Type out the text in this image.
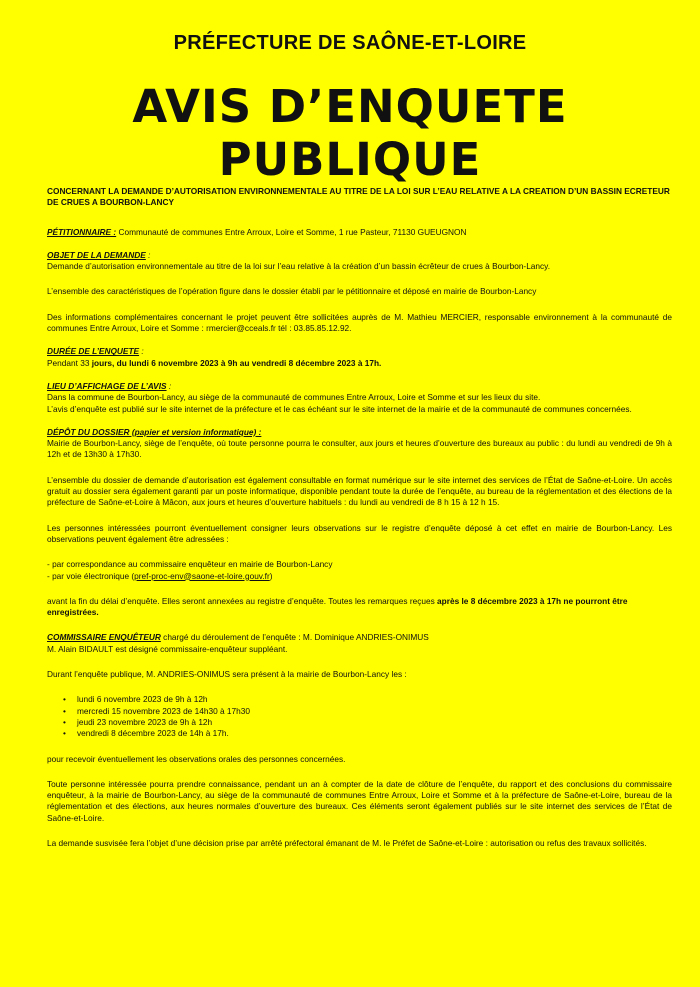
PRÉFECTURE DE SAÔNE-ET-LOIRE
AVIS D’ENQUETE PUBLIQUE

CONCERNANT LA DEMANDE D’AUTORISATION ENVIRONNEMENTALE AU TITRE DE LA LOI SUR L’EAU RELATIVE A LA CREATION D’UN BASSIN ECRETEUR DE CRUES A BOURBON-LANCY

PÉTITIONNAIRE : Communauté de communes Entre Arroux, Loire et Somme, 1 rue Pasteur, 71130 GUEUGNON

OBJET DE LA DEMANDE :

Demande d’autorisation environnementale au titre de la loi sur l’eau relative à la création d’un bassin écrêteur de crues à Bourbon-Lancy.

L’ensemble des caractéristiques de l’opération figure dans le dossier établi par le pétitionnaire et déposé en mairie de Bourbon-Lancy

Des informations complémentaires concernant le projet peuvent être sollicitées auprès de M. Mathieu MERCIER, responsable environnement à la communauté de communes Entre Arroux, Loire et Somme : rmercier@cceals.fr tél : 03.85.85.12.92.

DURÉE DE L’ENQUETE :

Pendant 33 jours, du lundi 6 novembre 2023 à 9h au vendredi 8 décembre 2023 à 17h.

LIEU D’AFFICHAGE DE L’AVIS :

Dans la commune de Bourbon-Lancy, au siège de la communauté de communes Entre Arroux, Loire et Somme et sur les lieux du site.

L’avis d’enquête est publié sur le site internet de la préfecture et le cas échéant sur le site internet de la mairie et de la communauté de communes concernées.

DÉPÔT DU DOSSIER (papier et version informatique) :

Mairie de Bourbon-Lancy, siège de l’enquête, où toute personne pourra le consulter, aux jours et heures d’ouverture des bureaux au public : du lundi au vendredi de 9h à 12h et de 13h30 à 17h30.

L’ensemble du dossier de demande d’autorisation est également consultable en format numérique sur le site internet des services de l’État de Saône-et-Loire. Un accès gratuit au dossier sera également garanti par un poste informatique, disponible pendant toute la durée de l’enquête, au bureau de la réglementation et des élections de la préfecture de Saône-et-Loire à Mâcon, aux jours et heures d’ouverture habituels : du lundi au vendredi de 8 h 15 à 12 h 15.

Les personnes intéressées pourront éventuellement consigner leurs observations sur le registre d’enquête déposé à cet effet en mairie de Bourbon-Lancy. Les observations peuvent également être adressées :

- par correspondance au commissaire enquêteur en mairie de Bourbon-Lancy

- par voie électronique (pref-proc-env@saone-et-loire.gouv.fr)

avant la fin du délai d’enquête. Elles seront annexées au registre d’enquête. Toutes les remarques reçues après le 8 décembre 2023 à 17h ne pourront être enregistrées.

COMMISSAIRE ENQUÊTEUR chargé du déroulement de l’enquête : M. Dominique ANDRIES-ONIMUS

M. Alain BIDAULT est désigné commissaire-enquêteur suppléant.

Durant l’enquête publique, M. ANDRIES-ONIMUS sera présent à la mairie de Bourbon-Lancy les :

• lundi 6 novembre 2023 de 9h à 12h
• mercredi 15 novembre 2023 de 14h30 à 17h30
• jeudi 23 novembre 2023 de 9h à 12h
• vendredi 8 décembre 2023 de 14h à 17h.

pour recevoir éventuellement les observations orales des personnes concernées.

Toute personne intéressée pourra prendre connaissance, pendant un an à compter de la date de clôture de l’enquête, du rapport et des conclusions du commissaire enquêteur, à la mairie de Bourbon-Lancy, au siège de la communauté de communes Entre Arroux, Loire et Somme et à la préfecture de Saône-et-Loire, bureau de la réglementation et des élections, aux heures normales d’ouverture des bureaux. Ces éléments seront également publiés sur le site internet des services de l’État de Saône-et-Loire.

La demande susvisée fera l’objet d’une décision prise par arrêté préfectoral émanant de M. le Préfet de Saône-et-Loire : autorisation ou refus des travaux sollicités.
